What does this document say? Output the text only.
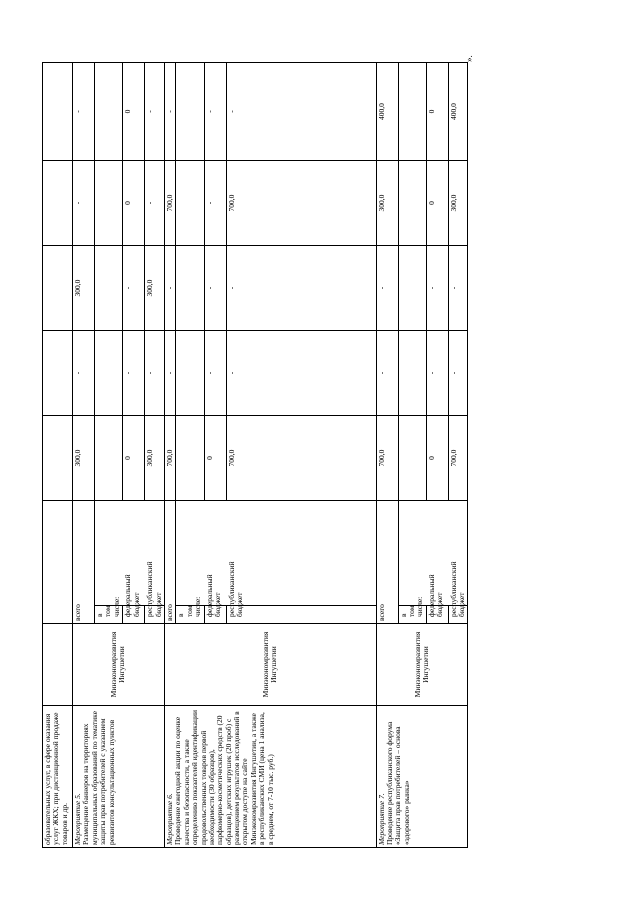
образовательных услуг, в сфере оказания услуг ЖКХ; при дистанционной продаже товаров и др.								
Мероприятие 5.
Размещение баннеров на территориях муниципальных образований по тематике защиты прав потребителей с указанием реквизитов консультационных пунктов	Минэкономразвития Ингушетии	всего		300,0	-	300,0	-	-
		в том числе:						
		федеральный бюджет		0	-	-	0	0
		республиканский бюджет		300,0	-	300,0	-	-
Мероприятие 6.
Проведение ежегодной акции по оценке качества и безопасности, а также определению показателей идентификации продовольственных товаров первой необходимости (30 образцов), парфюмерно-косметических средств (20 образцов), детских игрушек (20 проб) с размещением результатов исследований в открытом доступе на сайте Минэкономразвития Ингушетии, а также в республиканских СМИ (цена 1 анализа, в среднем, от 7-10 тыс. руб.)	Минэкономразвития Ингушетии	всего		700,0	-	-	700,0	-
		в том числе:						
		федеральный бюджет		0	-	-	-	-
		республиканский бюджет		700,0	-	-	700,0	-
Мероприятие 7.
Проведение республиканского форума «Защита прав потребителей – основа «здорового» рынка»	Минэкономразвития Ингушетии	всего		700,0	-	-	300,0	400,0
		в том числе:						
		федеральный бюджет		0	-	-	0	0
		республиканский бюджет		700,0	-	-	300,0	400,0
».
